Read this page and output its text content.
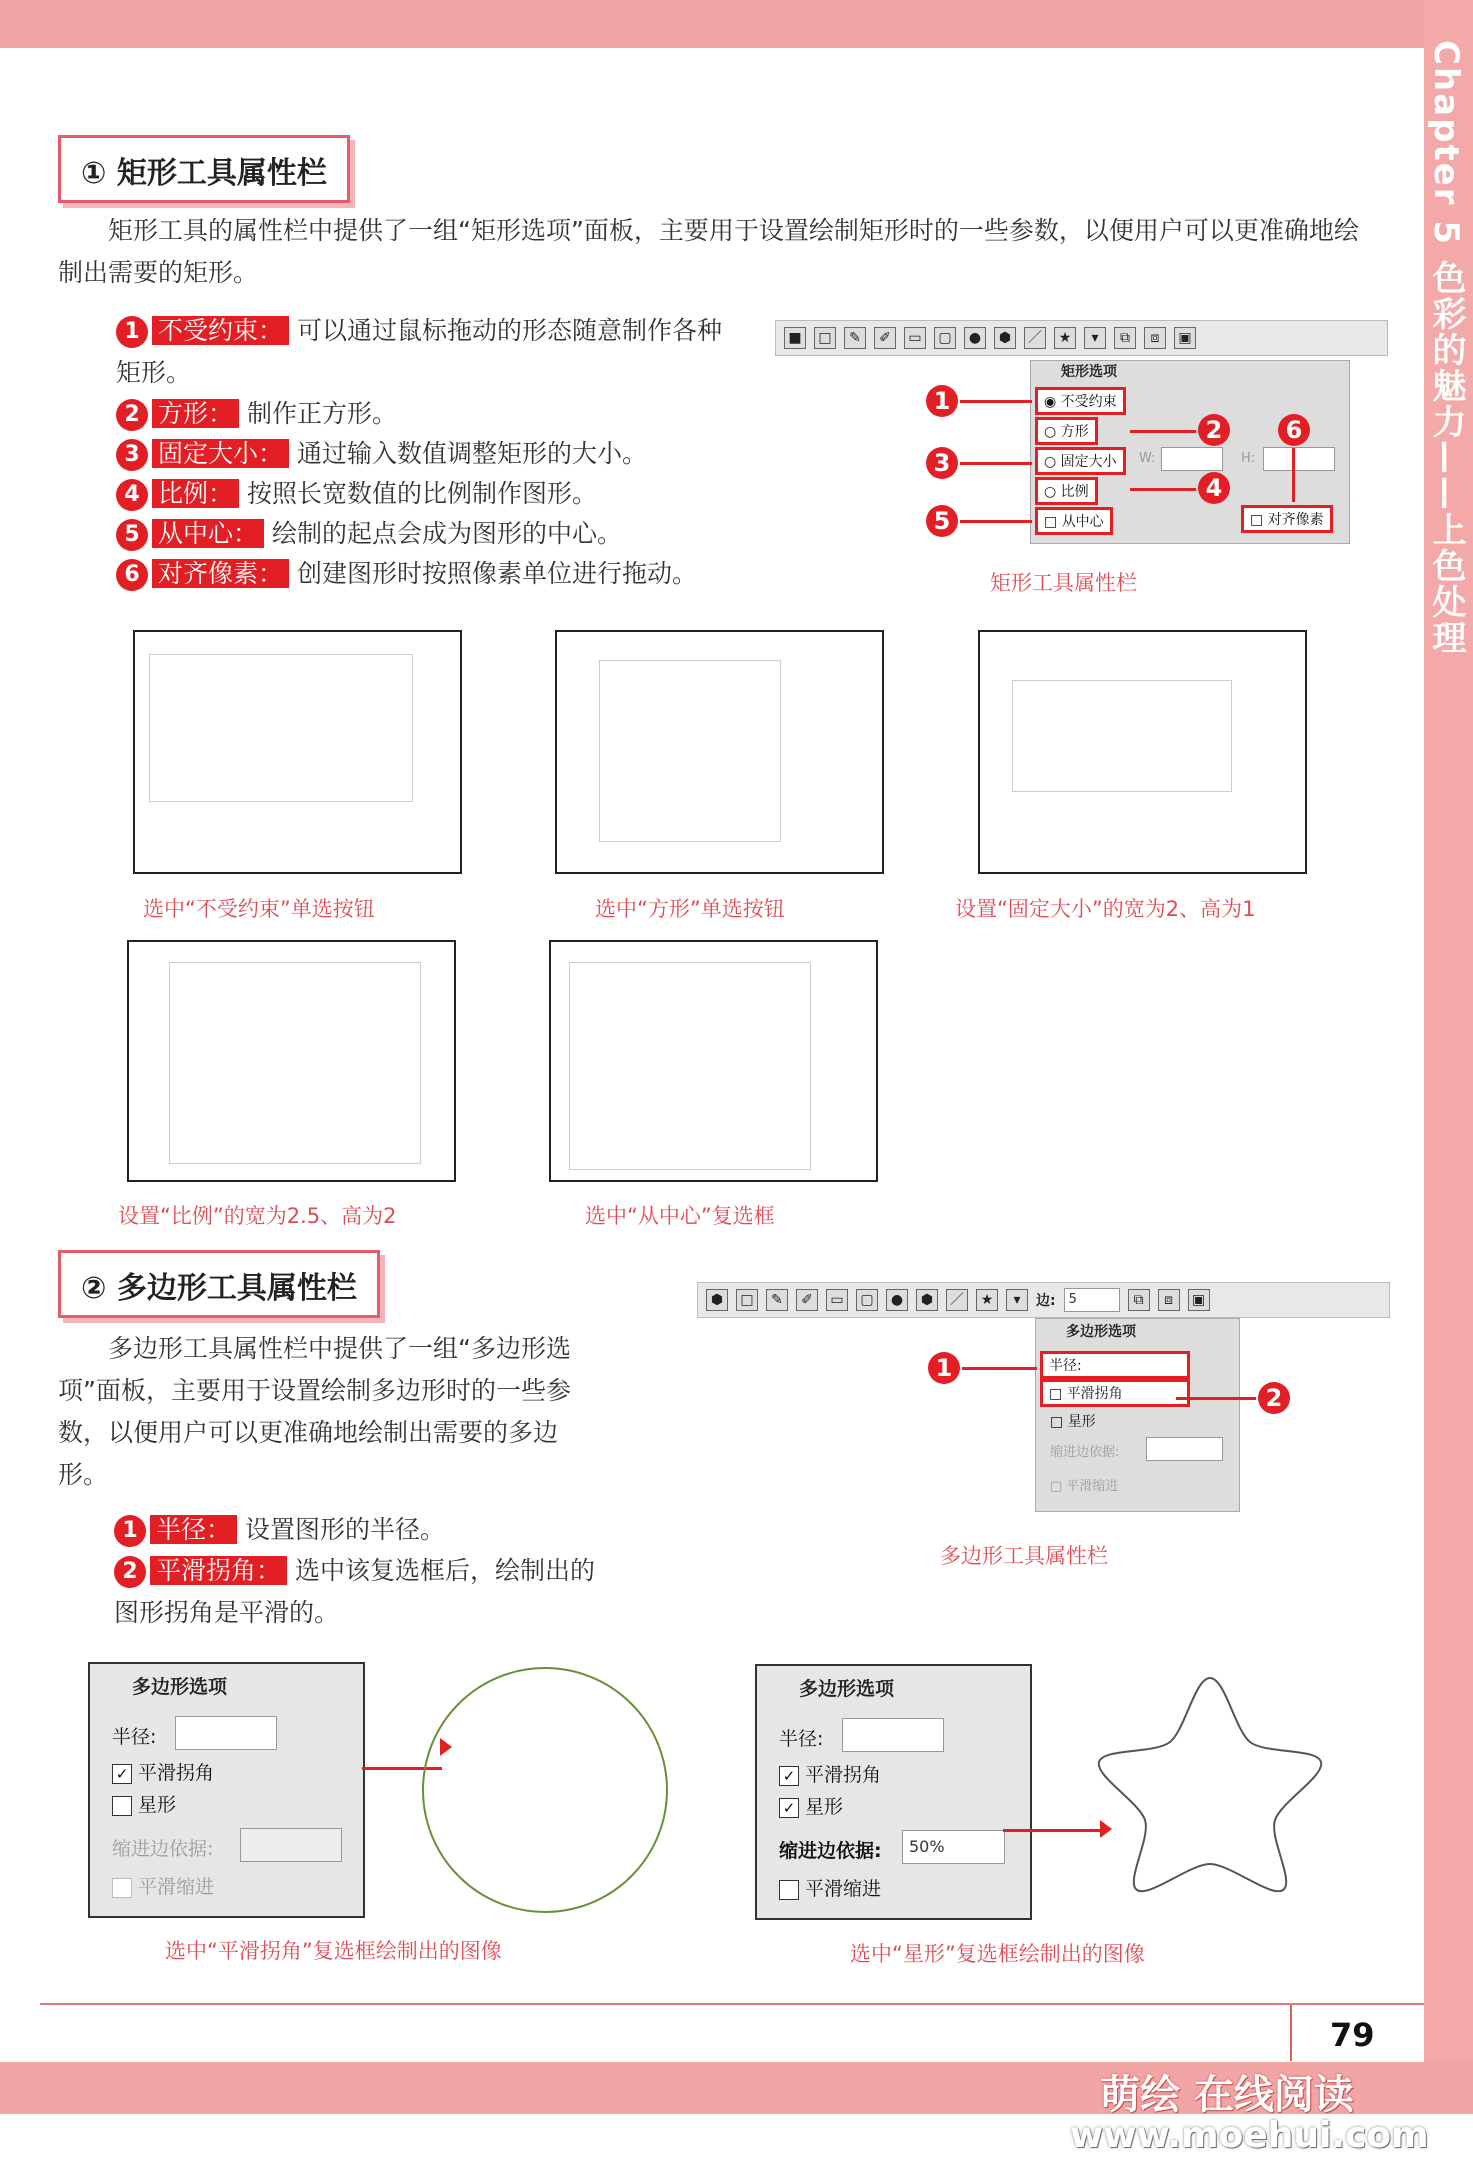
Chapter 5 色彩的魅力——上色处理
79
萌绘 在线阅读
www.moehui.com
① 矩形工具属性栏
矩形工具的属性栏中提供了一组“矩形选项”面板，主要用于设置绘制矩形时的一些参数，以便用户可以更准确地绘制出需要的矩形。
1 不受约束： 可以通过鼠标拖动的形态随意制作各种矩形。
2 方形： 制作正方形。
3 固定大小： 通过输入数值调整矩形的大小。
4 比例： 按照长宽数值的比例制作图形。
5 从中心： 绘制的起点会成为图形的中心。
6 对齐像素： 创建图形时按照像素单位进行拖动。
■	□	✎	✐	▭	▢	●	⬢	／	★	▾	⧉	⧈	▣
矩形选项
◉ 不受约束
○ 方形
○ 固定大小
○ 比例
□ 从中心
W:	H:
□ 对齐像素
1
2
3
4
5
6
矩形工具属性栏
选中“不受约束”单选按钮	选中“方形”单选按钮	设置“固定大小”的宽为2、高为1
设置“比例”的宽为2.5、高为2	选中“从中心”复选框
② 多边形工具属性栏
多边形工具属性栏中提供了一组“多边形选项”面板，主要用于设置绘制多边形时的一些参数，以便用户可以更准确地绘制出需要的多边形。
1 半径： 设置图形的半径。
2 平滑拐角： 选中该复选框后，绘制出的图形拐角是平滑的。
⬢	□	✎	✐	▭	▢	●	⬢	／	★	▾	边:	5	⧉	⧈	▣
多边形选项
半径:
□ 平滑拐角
□ 星形
缩进边依据:
□ 平滑缩进
1
2
多边形工具属性栏
多边形选项
半径:
✓ 平滑拐角
星形
缩进边依据:
平滑缩进
选中“平滑拐角”复选框绘制出的图像
多边形选项
半径:
✓ 平滑拐角
✓ 星形
缩进边依据:	50%
平滑缩进
选中“星形”复选框绘制出的图像
